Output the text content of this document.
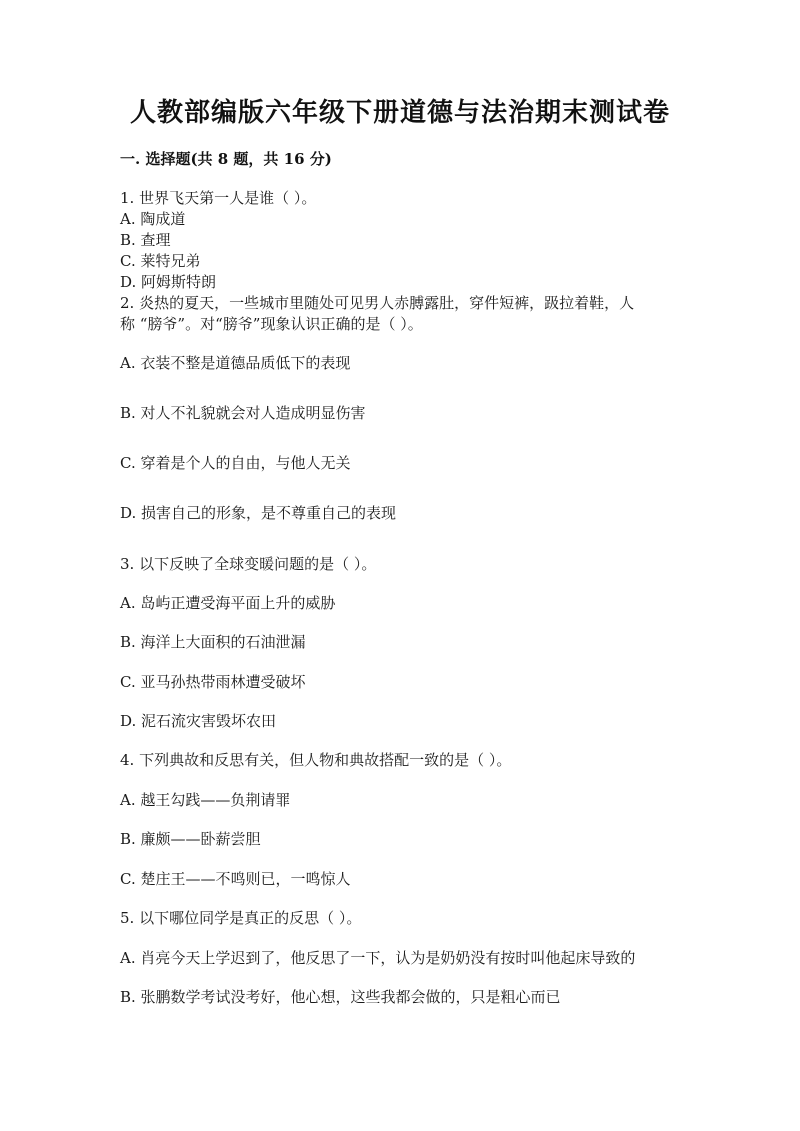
人教部编版六年级下册道德与法治期末测试卷
一. 选择题(共 8 题，共 16 分)
1. 世界飞天第一人是谁（ ）。
A. 陶成道
B. 查理
C. 莱特兄弟
D. 阿姆斯特朗
2. 炎热的夏天，一些城市里随处可见男人赤膊露肚，穿件短裤，趿拉着鞋，人
称 “膀爷”。对“膀爷”现象认识正确的是（ ）。
A. 衣装不整是道德品质低下的表现
B. 对人不礼貌就会对人造成明显伤害
C. 穿着是个人的自由，与他人无关
D. 损害自己的形象，是不尊重自己的表现
3. 以下反映了全球变暖问题的是（ ）。
A. 岛屿正遭受海平面上升的威胁
B. 海洋上大面积的石油泄漏
C. 亚马孙热带雨林遭受破坏
D. 泥石流灾害毁坏农田
4. 下列典故和反思有关，但人物和典故搭配一致的是（ ）。
A. 越王勾践——负荆请罪
B. 廉颇——卧薪尝胆
C. 楚庄王——不鸣则已，一鸣惊人
5. 以下哪位同学是真正的反思（ ）。
A. 肖亮今天上学迟到了，他反思了一下，认为是奶奶没有按时叫他起床导致的
B. 张鹏数学考试没考好，他心想，这些我都会做的，只是粗心而已
